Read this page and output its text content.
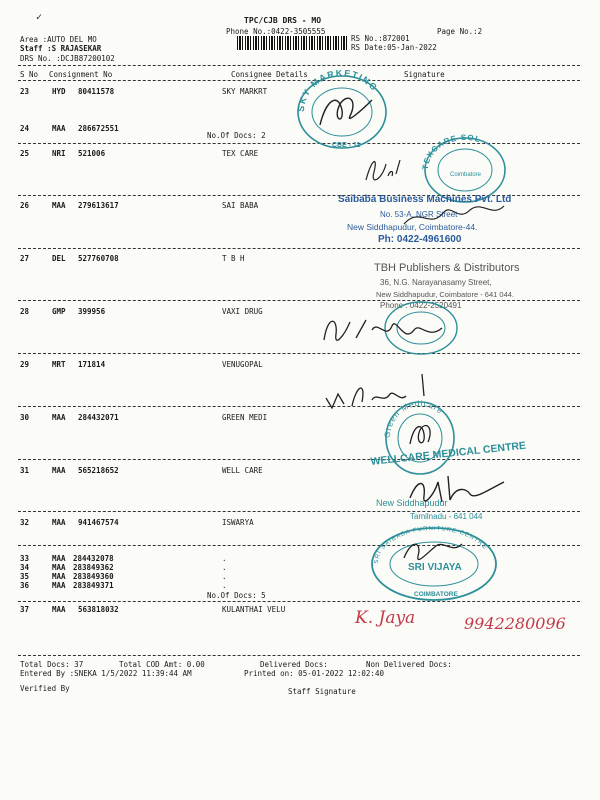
✓	TPC/CJB DRS - MO
Phone No.:0422-3505555
RS No.:872001
Page No.:2
RS Date:05-Jan-2022
Area :AUTO DEL MO
Staff :S RAJASEKAR
DRS No. :DCJB87200102
S No Consignment No	Consignee Details	Signature
23	HYD 80411578	SKY MARKRT
24	MAA 286672551
No.Of Docs: 2
25	NRI 521006	TEX CARE
26	MAA 279613617	SAI BABA
27	DEL 527760708	T B H
28	GMP 399956	VAXI DRUG
29	MRT 171814	VENUGOPAL
30	MAA 284432071	GREEN MEDI
31	MAA 565218652	WELL CARE
32	MAA 941467574	ISWARYA
33	MAA 284432078	.
34	MAA 283849362	.
35	MAA 283849360	.
36	MAA 283849371	.
No.Of Docs: 5
37	MAA 563818032	KULANTHAI VELU
Total Docs: 37	Total COD Amt: 0.00	Delivered Docs:	Non Delivered Docs:
Entered By :SNEKA 1/5/2022 11:39:44 AM	Printed on: 05-01-2022 12:02:40
Verified By	Staff Signature
SKY MARKETING
CBE - 11
TEXCARE SOL
Coimbatore
Saibaba Business Machines Pvt. Ltd
No. 53-A, NGR Street
New Siddhapudur, Coimbatore-44.
Ph: 0422-4961600
TBH Publishers & Distributors
36, N.G. Narayanasamy Street,
New Siddhapudur, Coimbatore - 641 044.
Phone : 0422-2520491
Green Medicare
WELLCARE MEDICAL CENTRE
New Siddhapudur
Tamilnadu - 641 044
SRI SAIBABA FURNITURE CENTRE
SRI VIJAYA
COIMBATORE
K. Jaya	9942280096
